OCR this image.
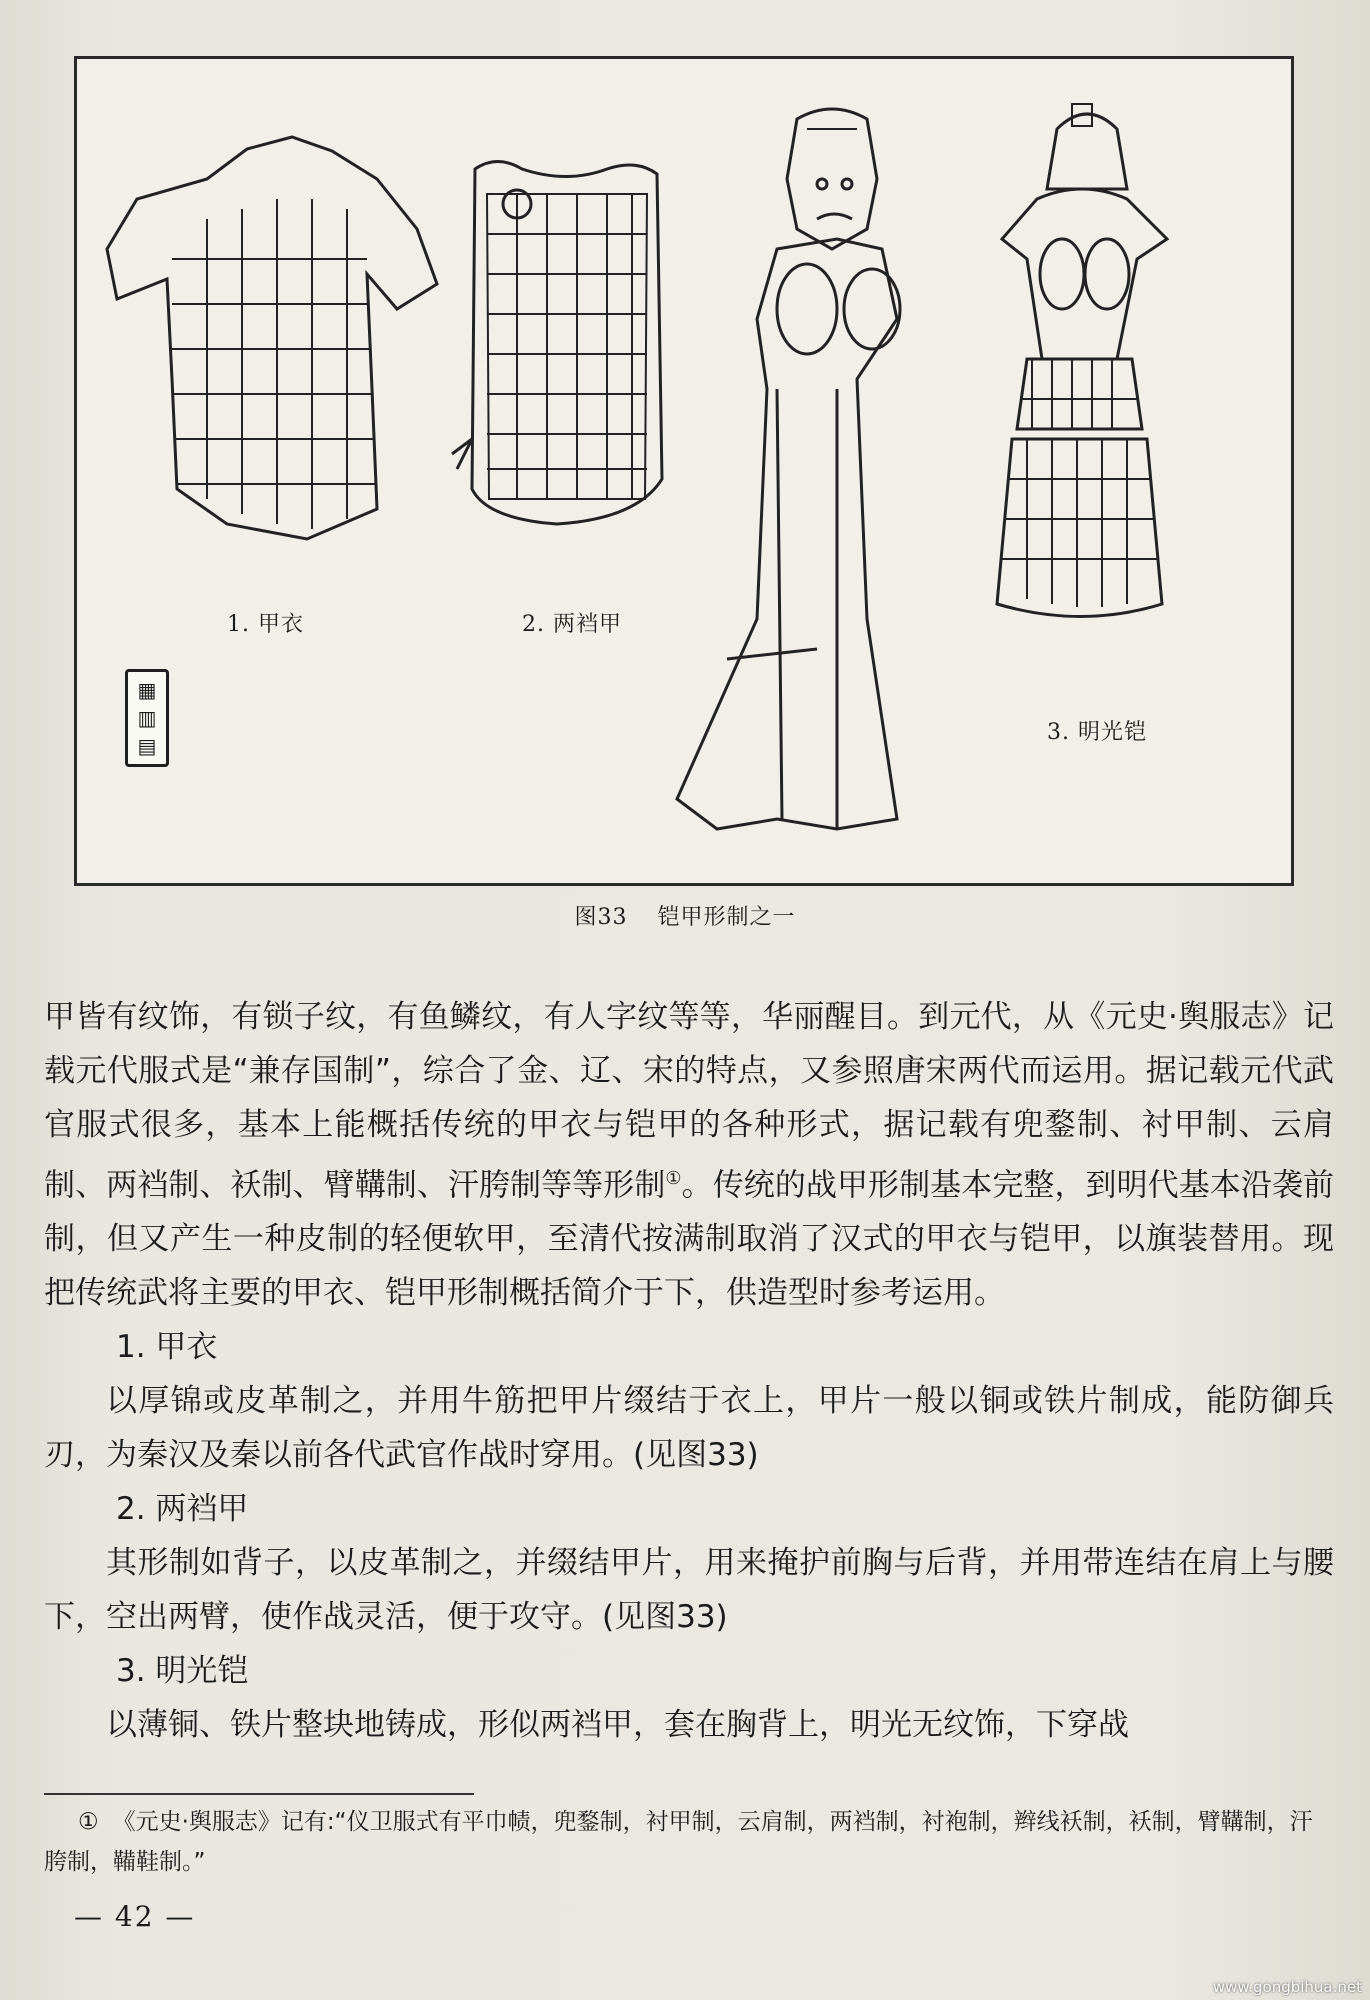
1. 甲衣	2. 两裆甲
3. 明光铠
▦
▥
▤
图33 铠甲形制之一

甲皆有纹饰，有锁子纹，有鱼鳞纹，有人字纹等等，华丽醒目。到元代，从《元史·舆服志》记载元代服式是“兼存国制”，综合了金、辽、宋的特点，又参照唐宋两代而运用。据记载元代武官服式很多，基本上能概括传统的甲衣与铠甲的各种形式，据记载有兜鍪制、衬甲制、云肩制、两裆制、袄制、臂鞲制、汗胯制等等形制①。传统的战甲形制基本完整，到明代基本沿袭前制，但又产生一种皮制的轻便软甲，至清代按满制取消了汉式的甲衣与铠甲，以旗装替用。现把传统武将主要的甲衣、铠甲形制概括简介于下，供造型时参考运用。

1. 甲衣

以厚锦或皮革制之，并用牛筋把甲片缀结于衣上，甲片一般以铜或铁片制成，能防御兵刃，为秦汉及秦以前各代武官作战时穿用。(见图33)

2. 两裆甲

其形制如背子，以皮革制之，并缀结甲片，用来掩护前胸与后背，并用带连结在肩上与腰下，空出两臂，使作战灵活，便于攻守。(见图33)

3. 明光铠

以薄铜、铁片整块地铸成，形似两裆甲，套在胸背上，明光无纹饰，下穿战

① 《元史·舆服志》记有:“仪卫服式有平巾帻，兜鍪制，衬甲制，云肩制，两裆制，衬袍制，辫线袄制，袄制，臂鞲制，汗胯制，鞴鞋制。”
— 42 —
www.gongbihua.net
